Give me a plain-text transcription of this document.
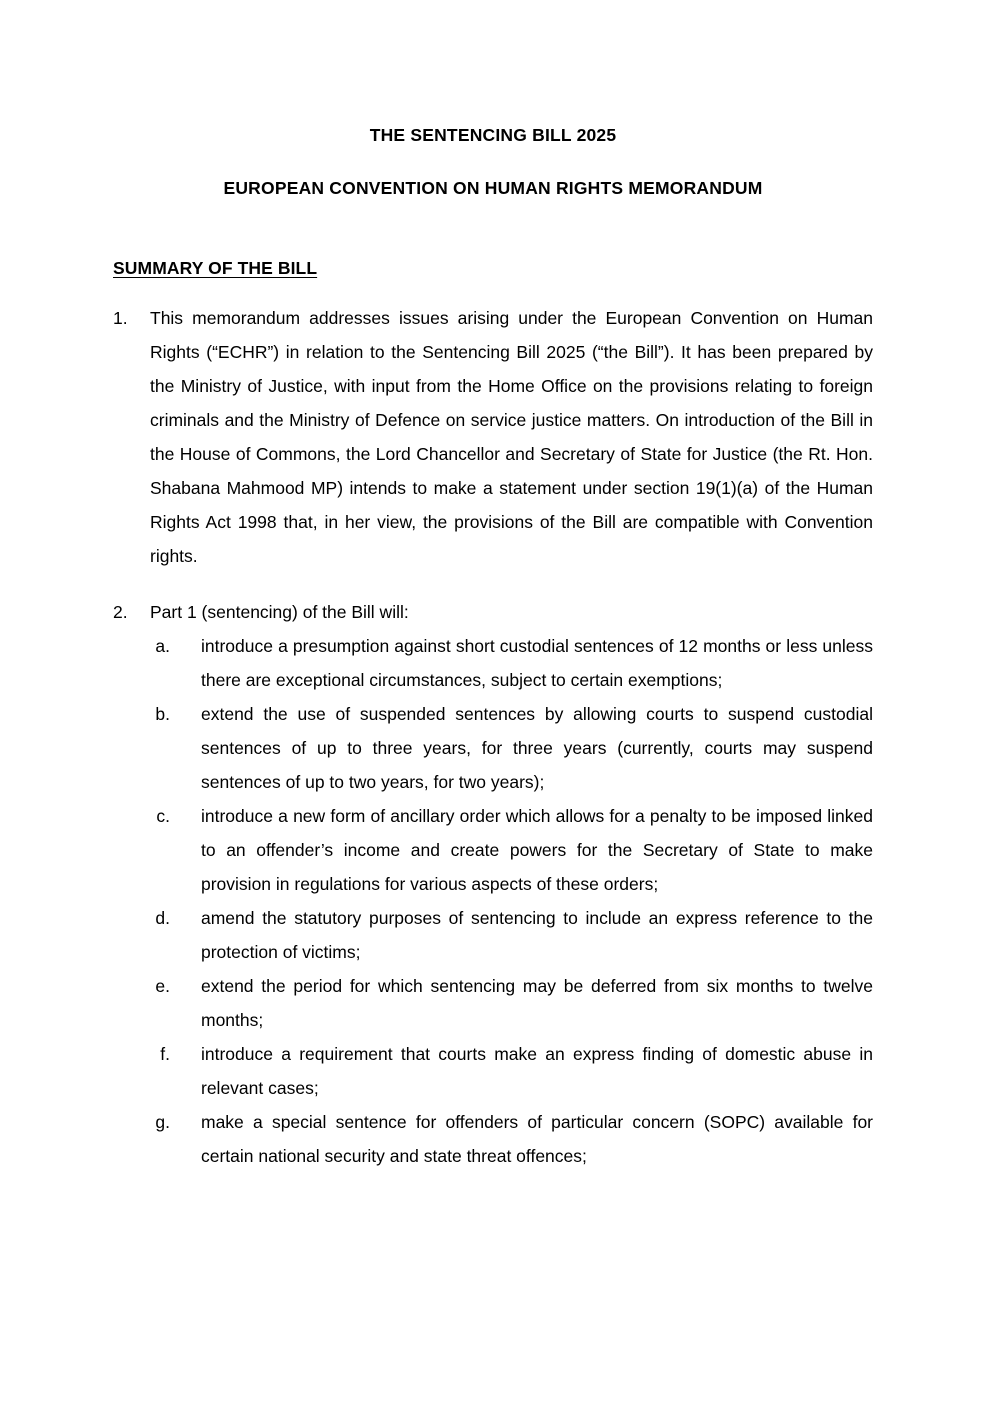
THE SENTENCING BILL 2025
EUROPEAN CONVENTION ON HUMAN RIGHTS MEMORANDUM
SUMMARY OF THE BILL
1. This memorandum addresses issues arising under the European Convention on Human Rights (“ECHR”) in relation to the Sentencing Bill 2025 (“the Bill”). It has been prepared by the Ministry of Justice, with input from the Home Office on the provisions relating to foreign criminals and the Ministry of Defence on service justice matters. On introduction of the Bill in the House of Commons, the Lord Chancellor and Secretary of State for Justice (the Rt. Hon. Shabana Mahmood MP) intends to make a statement under section 19(1)(a) of the Human Rights Act 1998 that, in her view, the provisions of the Bill are compatible with Convention rights.

2. Part 1 (sentencing) of the Bill will:

a. introduce a presumption against short custodial sentences of 12 months or less unless there are exceptional circumstances, subject to certain exemptions;

b. extend the use of suspended sentences by allowing courts to suspend custodial sentences of up to three years, for three years (currently, courts may suspend sentences of up to two years, for two years);

c. introduce a new form of ancillary order which allows for a penalty to be imposed linked to an offender’s income and create powers for the Secretary of State to make provision in regulations for various aspects of these orders;

d. amend the statutory purposes of sentencing to include an express reference to the protection of victims;

e. extend the period for which sentencing may be deferred from six months to twelve months;

f. introduce a requirement that courts make an express finding of domestic abuse in relevant cases;

g. make a special sentence for offenders of particular concern (SOPC) available for certain national security and state threat offences;
